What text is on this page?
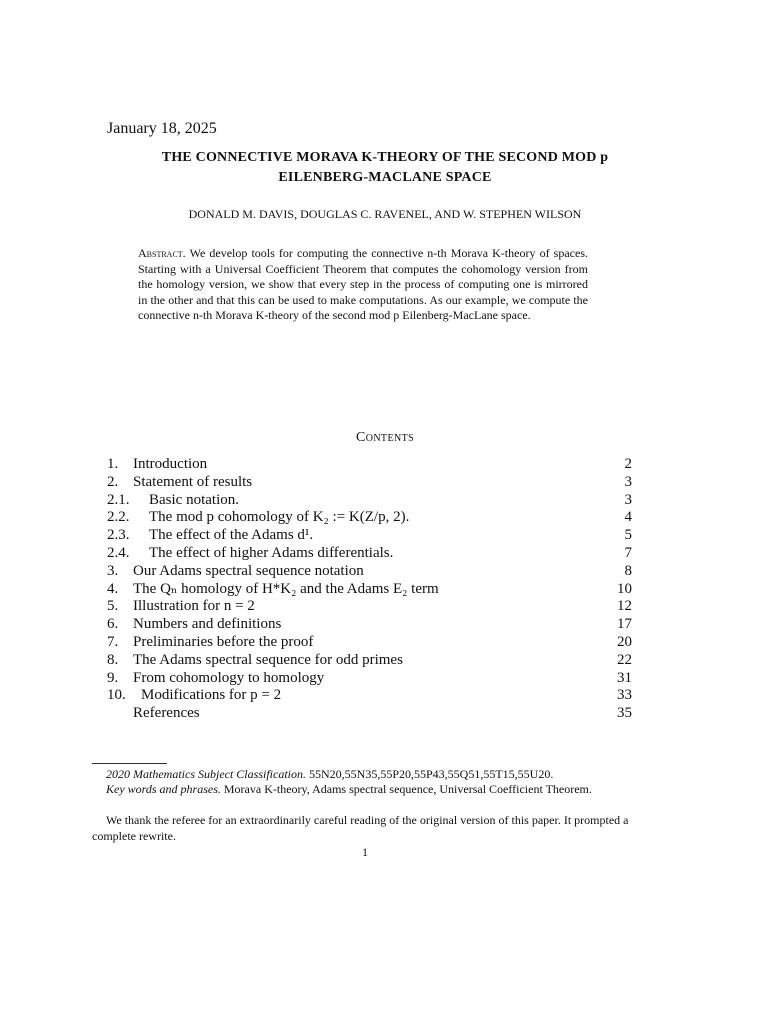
January 18, 2025
THE CONNECTIVE MORAVA K-THEORY OF THE SECOND MOD p
EILENBERG-MACLANE SPACE
DONALD M. DAVIS, DOUGLAS C. RAVENEL, AND W. STEPHEN WILSON
Abstract. We develop tools for computing the connective n-th Morava K-theory of spaces. Starting with a Universal Coefficient Theorem that computes the cohomology version from the homology version, we show that every step in the process of computing one is mirrored in the other and that this can be used to make computations. As our example, we compute the connective n-th Morava K-theory of the second mod p Eilenberg-MacLane space.
Contents
1. Introduction	2
2. Statement of results	3
2.1.	Basic notation.	3
2.2.	The mod p cohomology of K₂ := K(Z/p, 2).	4
2.3.	The effect of the Adams d¹.	5
2.4.	The effect of higher Adams differentials.	7
3. Our Adams spectral sequence notation	8
4. The Qₙ homology of H*K₂ and the Adams E₂ term	10
5. Illustration for n = 2	12
6. Numbers and definitions	17
7. Preliminaries before the proof	20
8. The Adams spectral sequence for odd primes	22
9. From cohomology to homology	31
10.	Modifications for p = 2	33
References	35
2020 Mathematics Subject Classification. 55N20,55N35,55P20,55P43,55Q51,55T15,55U20.
Key words and phrases. Morava K-theory, Adams spectral sequence, Universal Coefficient Theorem.
We thank the referee for an extraordinarily careful reading of the original version of this paper. It prompted a complete rewrite.
1
